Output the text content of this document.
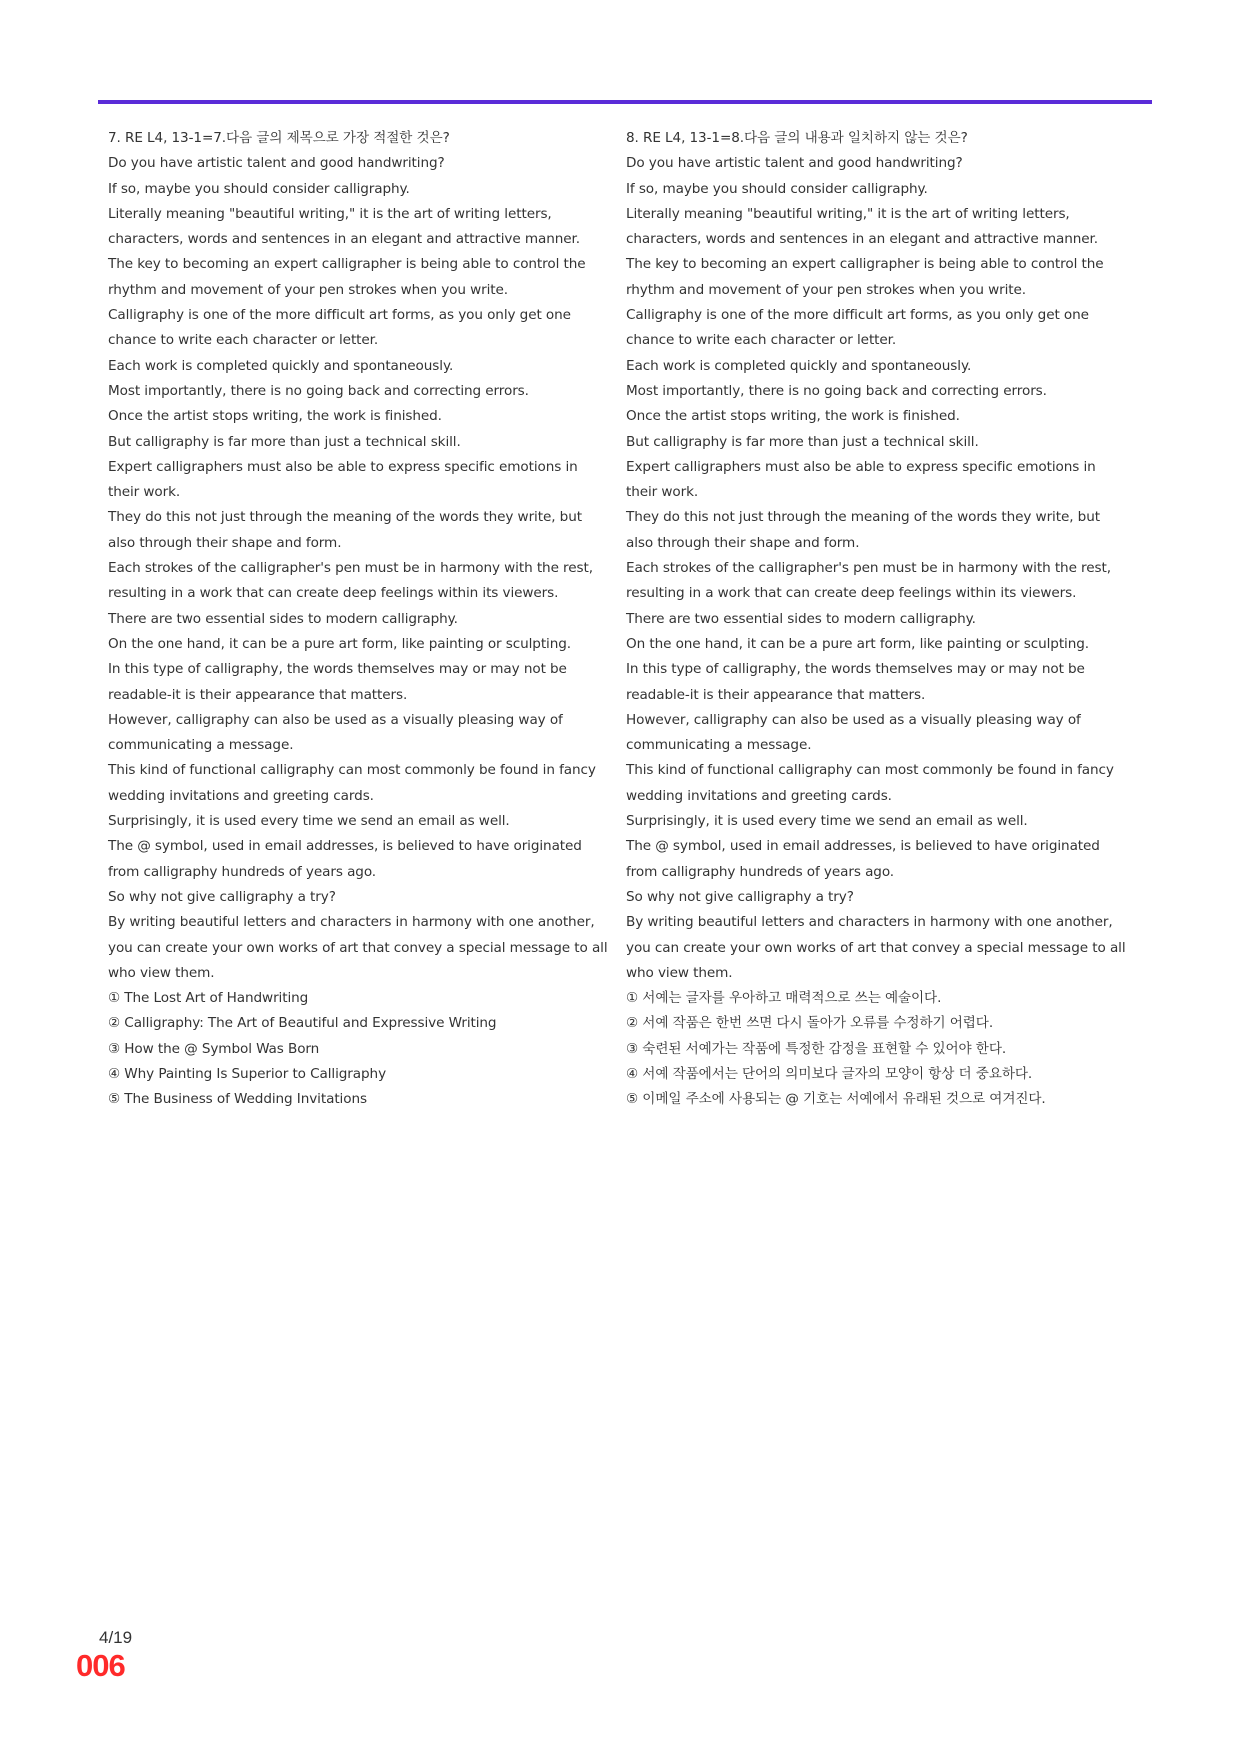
7. RE L4, 13-1=7.다음 글의 제목으로 가장 적절한 것은?

Do you have artistic talent and good handwriting?

If so, maybe you should consider calligraphy.

Literally meaning "beautiful writing," it is the art of writing letters, characters, words and sentences in an elegant and attractive manner.

The key to becoming an expert calligrapher is being able to control the rhythm and movement of your pen strokes when you write.

Calligraphy is one of the more difficult art forms, as you only get one chance to write each character or letter.

Each work is completed quickly and spontaneously.

Most importantly, there is no going back and correcting errors.

Once the artist stops writing, the work is finished.

But calligraphy is far more than just a technical skill.

Expert calligraphers must also be able to express specific emotions in their work.

They do this not just through the meaning of the words they write, but also through their shape and form.

Each strokes of the calligrapher's pen must be in harmony with the rest, resulting in a work that can create deep feelings within its viewers.

There are two essential sides to modern calligraphy.

On the one hand, it can be a pure art form, like painting or sculpting.

In this type of calligraphy, the words themselves may or may not be readable-it is their appearance that matters.

However, calligraphy can also be used as a visually pleasing way of communicating a message.

This kind of functional calligraphy can most commonly be found in fancy wedding invitations and greeting cards.

Surprisingly, it is used every time we send an email as well.

The @ symbol, used in email addresses, is believed to have originated from calligraphy hundreds of years ago.

So why not give calligraphy a try?

By writing beautiful letters and characters in harmony with one another, you can create your own works of art that convey a special message to all who view them.

① The Lost Art of Handwriting

② Calligraphy: The Art of Beautiful and Expressive Writing

③ How the @ Symbol Was Born

④ Why Painting Is Superior to Calligraphy

⑤ The Business of Wedding Invitations

8. RE L4, 13-1=8.다음 글의 내용과 일치하지 않는 것은?

Do you have artistic talent and good handwriting?

If so, maybe you should consider calligraphy.

Literally meaning "beautiful writing," it is the art of writing letters, characters, words and sentences in an elegant and attractive manner.

The key to becoming an expert calligrapher is being able to control the rhythm and movement of your pen strokes when you write.

Calligraphy is one of the more difficult art forms, as you only get one chance to write each character or letter.

Each work is completed quickly and spontaneously.

Most importantly, there is no going back and correcting errors.

Once the artist stops writing, the work is finished.

But calligraphy is far more than just a technical skill.

Expert calligraphers must also be able to express specific emotions in their work.

They do this not just through the meaning of the words they write, but also through their shape and form.

Each strokes of the calligrapher's pen must be in harmony with the rest, resulting in a work that can create deep feelings within its viewers.

There are two essential sides to modern calligraphy.

On the one hand, it can be a pure art form, like painting or sculpting.

In this type of calligraphy, the words themselves may or may not be readable-it is their appearance that matters.

However, calligraphy can also be used as a visually pleasing way of communicating a message.

This kind of functional calligraphy can most commonly be found in fancy wedding invitations and greeting cards.

Surprisingly, it is used every time we send an email as well.

The @ symbol, used in email addresses, is believed to have originated from calligraphy hundreds of years ago.

So why not give calligraphy a try?

By writing beautiful letters and characters in harmony with one another, you can create your own works of art that convey a special message to all who view them.

① 서예는 글자를 우아하고 매력적으로 쓰는 예술이다.

② 서예 작품은 한번 쓰면 다시 돌아가 오류를 수정하기 어렵다.

③ 숙련된 서예가는 작품에 특정한 감정을 표현할 수 있어야 한다.

④ 서예 작품에서는 단어의 의미보다 글자의 모양이 항상 더 중요하다.

⑤ 이메일 주소에 사용되는 @ 기호는 서예에서 유래된 것으로 여겨진다.

4/19
006
